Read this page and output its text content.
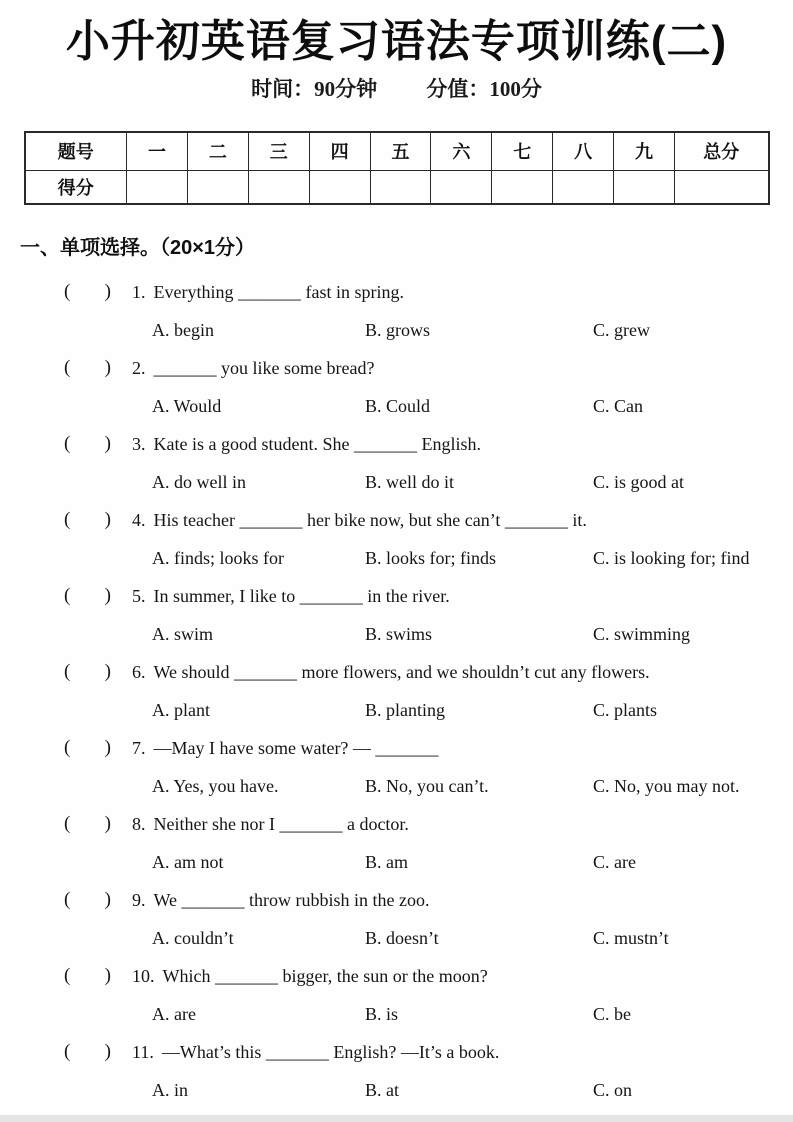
小升初英语复习语法专项训练(二)
时间：90分钟 分值：100分
题号	一	二	三	四	五	六	七	八	九	总分
得分										
一、单项选择。（20×1分）
( ) 1. Everything _______ fast in spring.
A. begin	B. grows	C. grew
( ) 2. _______ you like some bread?
A. Would	B. Could	C. Can
( ) 3. Kate is a good student. She _______ English.
A. do well in	B. well do it	C. is good at
( ) 4. His teacher _______ her bike now, but she can’t _______ it.
A. finds; looks for	B. looks for; finds	C. is looking for; find
( ) 5. In summer, I like to _______ in the river.
A. swim	B. swims	C. swimming
( ) 6. We should _______ more flowers, and we shouldn’t cut any flowers.
A. plant	B. planting	C. plants
( ) 7. —May I have some water? — _______
A. Yes, you have.	B. No, you can’t.	C. No, you may not.
( ) 8. Neither she nor I _______ a doctor.
A. am not	B. am	C. are
( ) 9. We _______ throw rubbish in the zoo.
A. couldn’t	B. doesn’t	C. mustn’t
( ) 10. Which _______ bigger, the sun or the moon?
A. are	B. is	C. be
( ) 11. —What’s this _______ English? —It’s a book.
A. in	B. at	C. on
